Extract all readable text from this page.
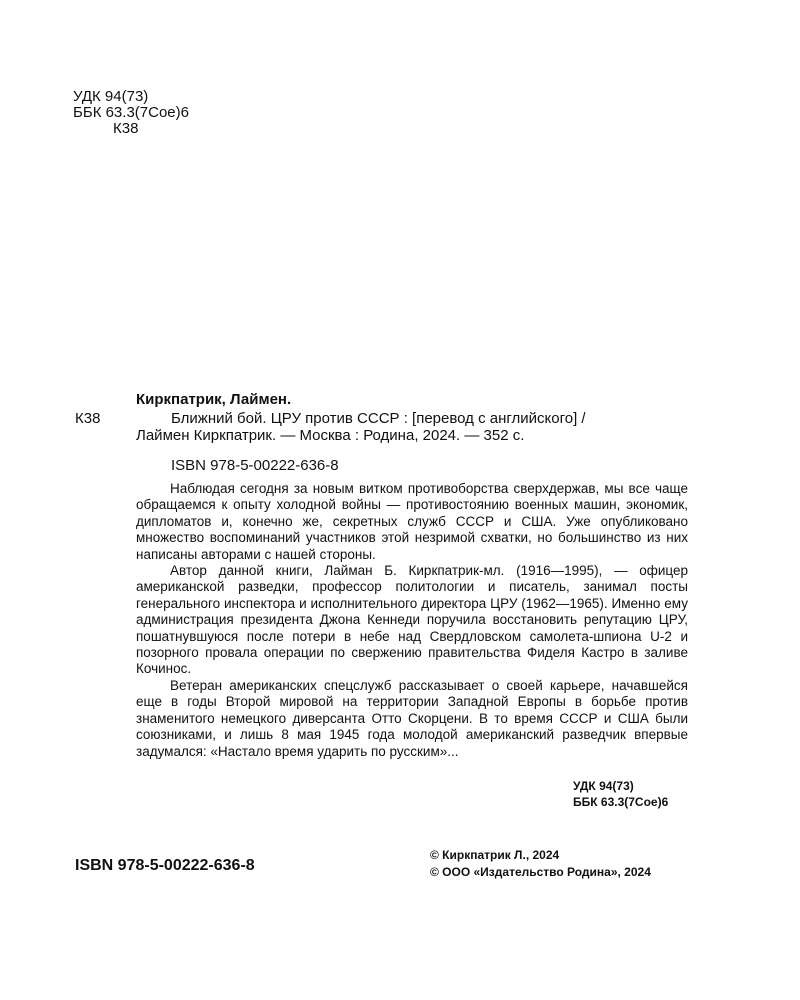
УДК 94(73)
ББК 63.3(7Сое)6
К38
Киркпатрик, Лаймен.
К38	Ближний бой. ЦРУ против СССР : [перевод с английского] /
Лаймен Киркпатрик. — Москва : Родина, 2024. — 352 с.
ISBN 978-5-00222-636-8

Наблюдая сегодня за новым витком противоборства сверхдержав, мы все чаще обращаемся к опыту холодной войны — противостоянию военных машин, экономик, дипломатов и, конечно же, секретных служб СССР и США. Уже опубликовано множество воспоминаний участников этой незримой схватки, но большинство из них написаны авторами с нашей стороны.

Автор данной книги, Лайман Б. Киркпатрик-мл. (1916—1995), — офицер американской разведки, профессор политологии и писатель, занимал посты генерального инспектора и исполнительного директора ЦРУ (1962—1965). Именно ему администрация президента Джона Кеннеди поручила восстановить репутацию ЦРУ, пошатнувшуюся после потери в небе над Свердловском самолета-шпиона U-2 и позорного провала операции по свержению правительства Фиделя Кастро в заливе Кочинос.

Ветеран американских спецслужб рассказывает о своей карьере, начавшейся еще в годы Второй мировой на территории Западной Европы в борьбе против знаменитого немецкого диверсанта Отто Скорцени. В то время СССР и США были союзниками, и лишь 8 мая 1945 года молодой американский разведчик впервые задумался: «Настало время ударить по русским»...

УДК 94(73)
ББК 63.3(7Сое)6
ISBN 978-5-00222-636-8
© Киркпатрик Л., 2024
© ООО «Издательство Родина», 2024
